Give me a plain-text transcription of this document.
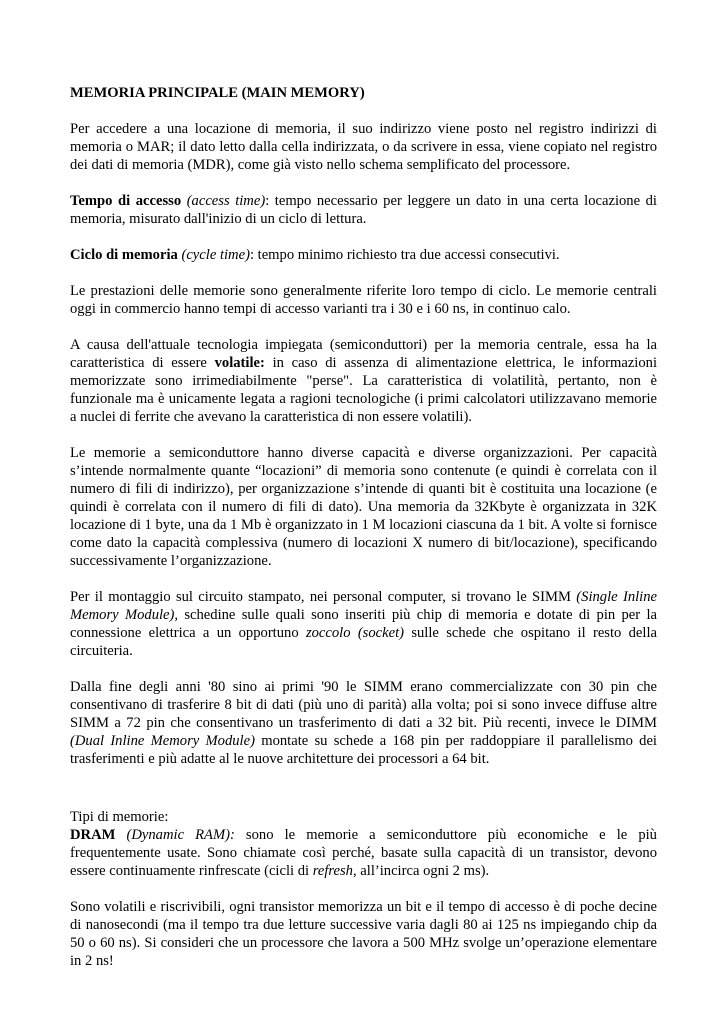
MEMORIA PRINCIPALE (MAIN MEMORY)

Per accedere a una locazione di memoria, il suo indirizzo viene posto nel registro indirizzi di memoria o MAR; il dato letto dalla cella indirizzata, o da scrivere in essa, viene copiato nel registro dei dati di memoria (MDR), come già visto nello schema semplificato del processore.

Tempo di accesso (access time): tempo necessario per leggere un dato in una certa locazione di memoria, misurato dall'inizio di un ciclo di lettura.

Ciclo di memoria (cycle time): tempo minimo richiesto tra due accessi consecutivi.

Le prestazioni delle memorie sono generalmente riferite loro tempo di ciclo. Le memorie centrali oggi in commercio hanno tempi di accesso varianti tra i 30 e i 60 ns, in continuo calo.

A causa dell'attuale tecnologia impiegata (semiconduttori) per la memoria centrale, essa ha la caratteristica di essere volatile: in caso di assenza di alimentazione elettrica, le informazioni memorizzate sono irrimediabilmente "perse". La caratteristica di volatilità, pertanto, non è funzionale ma è unicamente legata a ragioni tecnologiche (i primi calcolatori utilizzavano memorie a nuclei di ferrite che avevano la caratteristica di non essere volatili).

Le memorie a semiconduttore hanno diverse capacità e diverse organizzazioni. Per capacità s’intende normalmente quante “locazioni” di memoria sono contenute (e quindi è correlata con il numero di fili di indirizzo), per organizzazione s’intende di quanti bit è costituita una locazione (e quindi è correlata con il numero di fili di dato). Una memoria da 32Kbyte è organizzata in 32K locazione di 1 byte, una da 1 Mb è organizzato in 1 M locazioni ciascuna da 1 bit. A volte si fornisce come dato la capacità complessiva (numero di locazioni X numero di bit/locazione), specificando successivamente l’organizzazione.

Per il montaggio sul circuito stampato, nei personal computer, si trovano le SIMM (Single Inline Memory Module), schedine sulle quali sono inseriti più chip di memoria e dotate di pin per la connessione elettrica a un opportuno zoccolo (socket) sulle schede che ospitano il resto della circuiteria.

Dalla fine degli anni '80 sino ai primi '90 le SIMM erano commercializzate con 30 pin che consentivano di trasferire 8 bit di dati (più uno di parità) alla volta; poi si sono invece diffuse altre SIMM a 72 pin che consentivano un trasferimento di dati a 32 bit. Più recenti, invece le DIMM (Dual Inline Memory Module) montate su schede a 168 pin per raddoppiare il parallelismo dei trasferimenti e più adatte al le nuove architetture dei processori a 64 bit.

Tipi di memorie:

DRAM (Dynamic RAM): sono le memorie a semiconduttore più economiche e le più frequentemente usate. Sono chiamate così perché, basate sulla capacità di un transistor, devono essere continuamente rinfrescate (cicli di refresh, all’incirca ogni 2 ms).

Sono volatili e riscrivibili, ogni transistor memorizza un bit e il tempo di accesso è di poche decine di nanosecondi (ma il tempo tra due letture successive varia dagli 80 ai 125 ns impiegando chip da 50 o 60 ns). Si consideri che un processore che lavora a 500 MHz svolge un’operazione elementare in 2 ns!
